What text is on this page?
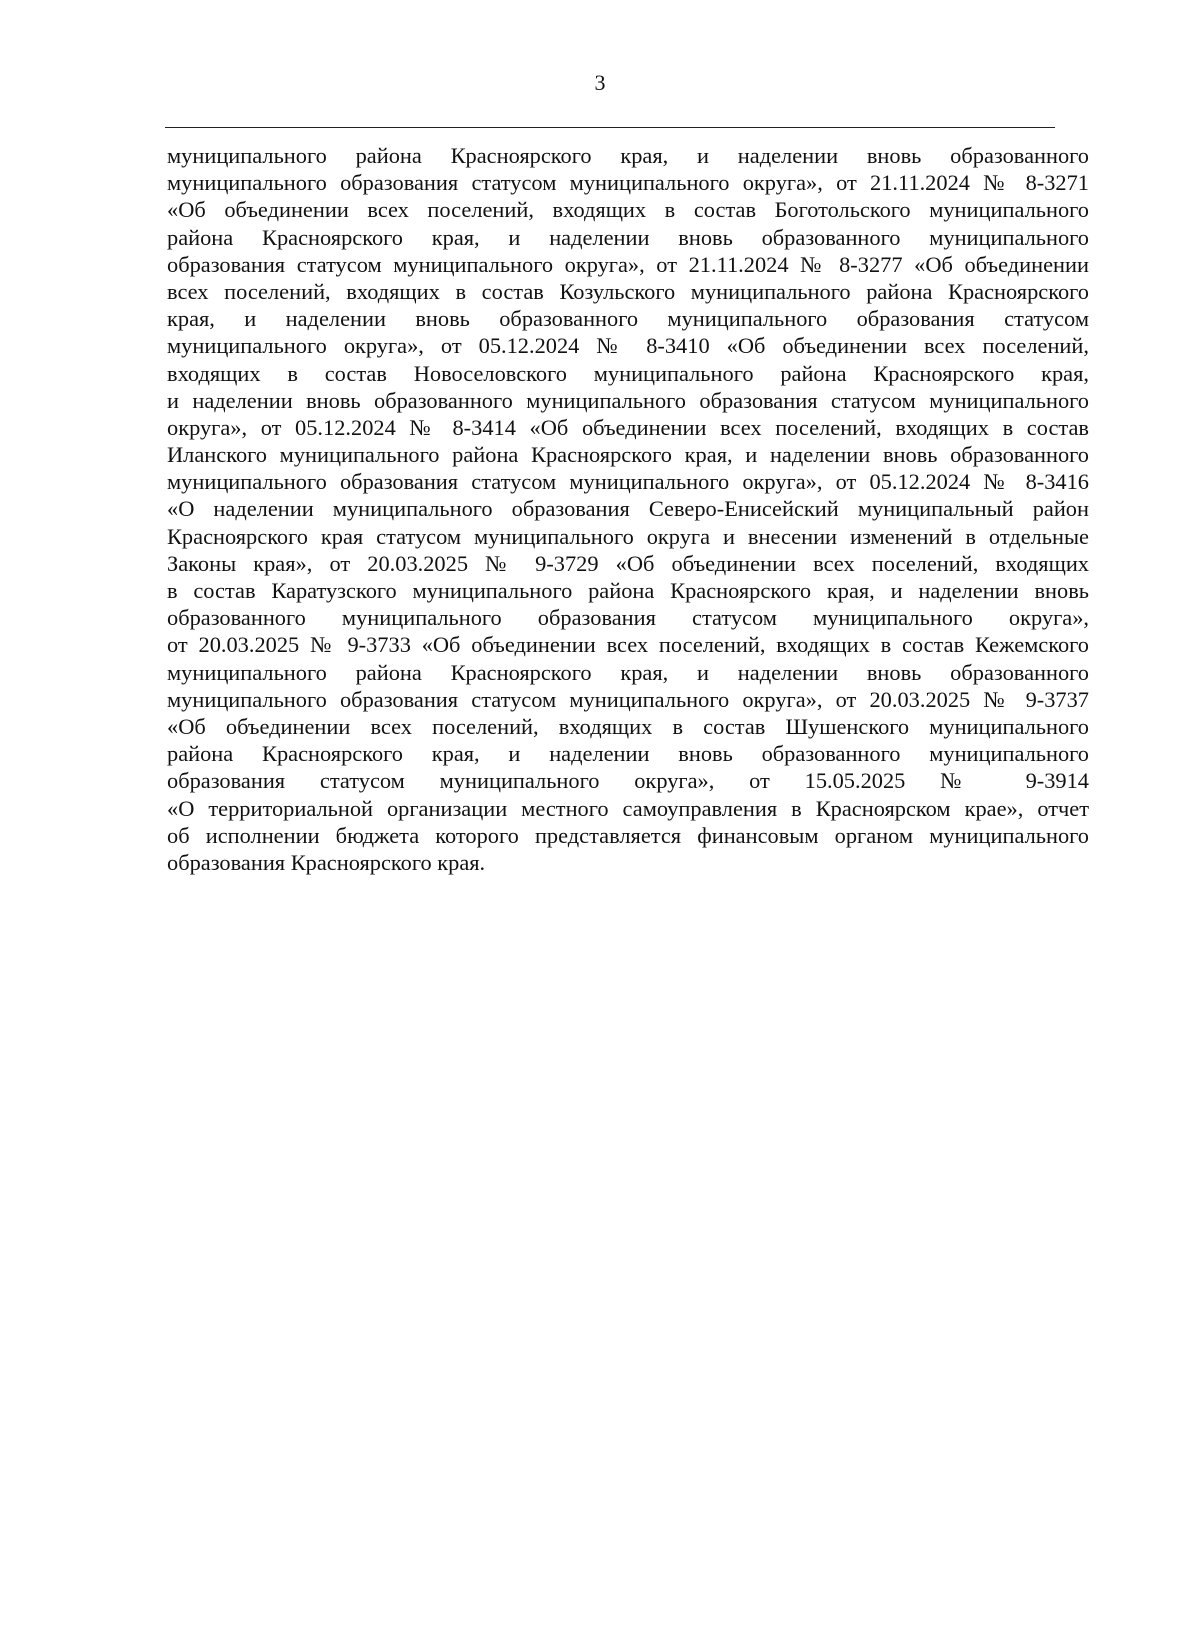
3
муниципального района Красноярского края, и наделении вновь образованного
муниципального образования статусом муниципального округа», от 21.11.2024 № 8-3271
«Об объединении всех поселений, входящих в состав Боготольского муниципального
района Красноярского края, и наделении вновь образованного муниципального
образования статусом муниципального округа», от 21.11.2024 № 8-3277 «Об объединении
всех поселений, входящих в состав Козульского муниципального района Красноярского
края, и наделении вновь образованного муниципального образования статусом
муниципального округа», от 05.12.2024 № 8-3410 «Об объединении всех поселений,
входящих в состав Новоселовского муниципального района Красноярского края,
и наделении вновь образованного муниципального образования статусом муниципального
округа», от 05.12.2024 № 8-3414 «Об объединении всех поселений, входящих в состав
Иланского муниципального района Красноярского края, и наделении вновь образованного
муниципального образования статусом муниципального округа», от 05.12.2024 № 8-3416
«О наделении муниципального образования Северо-Енисейский муниципальный район
Красноярского края статусом муниципального округа и внесении изменений в отдельные
Законы края», от 20.03.2025 № 9-3729 «Об объединении всех поселений, входящих
в состав Каратузского муниципального района Красноярского края, и наделении вновь
образованного муниципального образования статусом муниципального округа»,
от 20.03.2025 № 9-3733 «Об объединении всех поселений, входящих в состав Кежемского
муниципального района Красноярского края, и наделении вновь образованного
муниципального образования статусом муниципального округа», от 20.03.2025 № 9-3737
«Об объединении всех поселений, входящих в состав Шушенского муниципального
района Красноярского края, и наделении вновь образованного муниципального
образования статусом муниципального округа», от 15.05.2025 № 9-3914
«О территориальной организации местного самоуправления в Красноярском крае», отчет
об исполнении бюджета которого представляется финансовым органом муниципального
образования Красноярского края.
